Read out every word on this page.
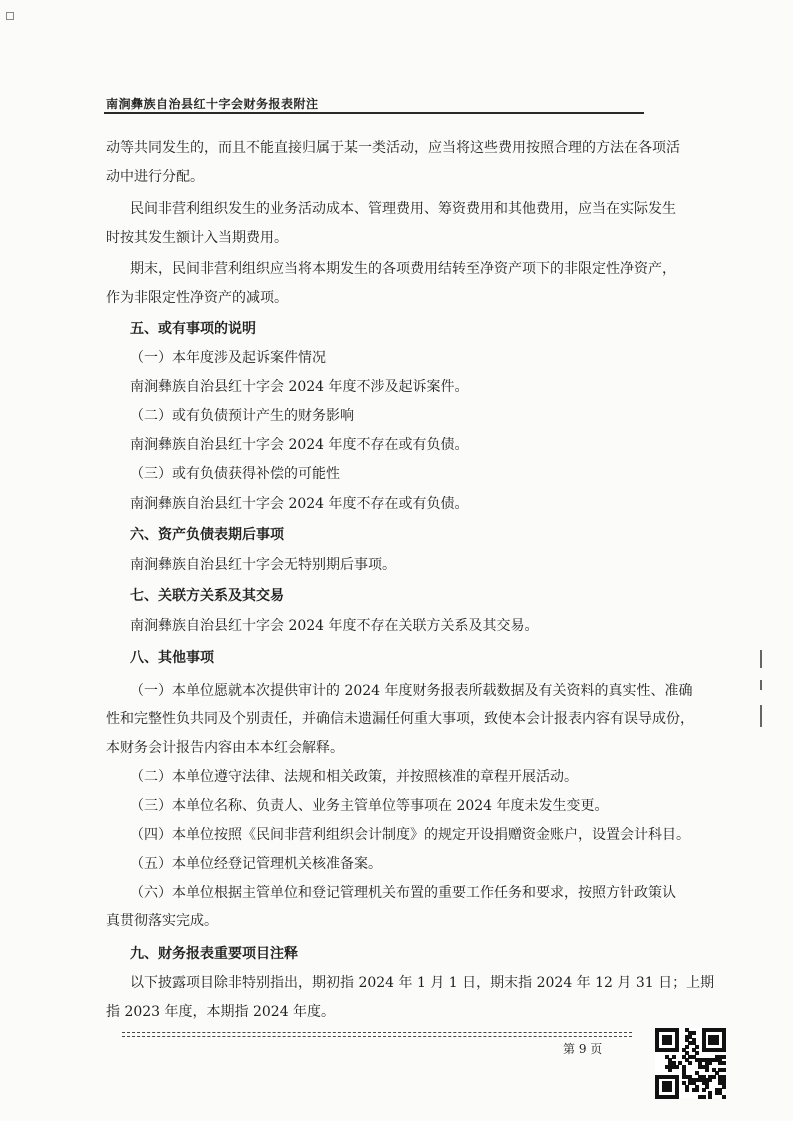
南涧彝族自治县红十字会财务报表附注
动等共同发生的，而且不能直接归属于某一类活动，应当将这些费用按照合理的方法在各项活
动中进行分配。
民间非营利组织发生的业务活动成本、管理费用、筹资费用和其他费用，应当在实际发生
时按其发生额计入当期费用。
期末，民间非营利组织应当将本期发生的各项费用结转至净资产项下的非限定性净资产，
作为非限定性净资产的减项。
五、或有事项的说明
（一）本年度涉及起诉案件情况
南涧彝族自治县红十字会 2024 年度不涉及起诉案件。
（二）或有负债预计产生的财务影响
南涧彝族自治县红十字会 2024 年度不存在或有负债。
（三）或有负债获得补偿的可能性
南涧彝族自治县红十字会 2024 年度不存在或有负债。
六、资产负债表期后事项
南涧彝族自治县红十字会无特别期后事项。
七、关联方关系及其交易
南涧彝族自治县红十字会 2024 年度不存在关联方关系及其交易。
八、其他事项
（一）本单位愿就本次提供审计的 2024 年度财务报表所载数据及有关资料的真实性、准确
性和完整性负共同及个别责任，并确信未遗漏任何重大事项，致使本会计报表内容有误导成份，
本财务会计报告内容由本本红会解释。
（二）本单位遵守法律、法规和相关政策，并按照核准的章程开展活动。
（三）本单位名称、负责人、业务主管单位等事项在 2024 年度未发生变更。
（四）本单位按照《民间非营利组织会计制度》的规定开设捐赠资金账户，设置会计科目。
（五）本单位经登记管理机关核准备案。
（六）本单位根据主管单位和登记管理机关布置的重要工作任务和要求，按照方针政策认
真贯彻落实完成。
九、财务报表重要项目注释
以下披露项目除非特别指出，期初指 2024 年 1 月 1 日，期末指 2024 年 12 月 31 日；上期
指 2023 年度，本期指 2024 年度。
第 9 页
